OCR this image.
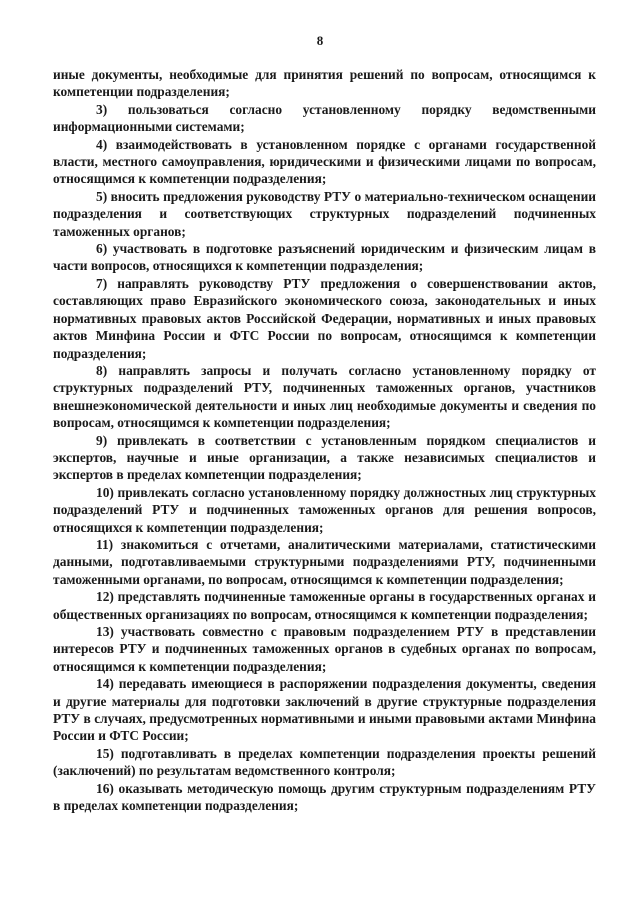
8

иные документы, необходимые для принятия решений по вопросам, относящимся к компетенции подразделения;

3) пользоваться согласно установленному порядку ведомственными информационными системами;

4) взаимодействовать в установленном порядке с органами государственной власти, местного самоуправления, юридическими и физическими лицами по вопросам, относящимся к компетенции подразделения;

5) вносить предложения руководству РТУ о материально-техническом оснащении подразделения и соответствующих структурных подразделений подчиненных таможенных органов;

6) участвовать в подготовке разъяснений юридическим и физическим лицам в части вопросов, относящихся к компетенции подразделения;

7) направлять руководству РТУ предложения о совершенствовании актов, составляющих право Евразийского экономического союза, законодательных и иных нормативных правовых актов Российской Федерации, нормативных и иных правовых актов Минфина России и ФТС России по вопросам, относящимся к компетенции подразделения;

8) направлять запросы и получать согласно установленному порядку от структурных подразделений РТУ, подчиненных таможенных органов, участников внешнеэкономической деятельности и иных лиц необходимые документы и сведения по вопросам, относящимся к компетенции подразделения;

9) привлекать в соответствии с установленным порядком специалистов и экспертов, научные и иные организации, а также независимых специалистов и экспертов в пределах компетенции подразделения;

10) привлекать согласно установленному порядку должностных лиц структурных подразделений РТУ и подчиненных таможенных органов для решения вопросов, относящихся к компетенции подразделения;

11) знакомиться с отчетами, аналитическими материалами, статистическими данными, подготавливаемыми структурными подразделениями РТУ, подчиненными таможенными органами, по вопросам, относящимся к компетенции подразделения;

12) представлять подчиненные таможенные органы в государственных органах и общественных организациях по вопросам, относящимся к компетенции подразделения;

13) участвовать совместно с правовым подразделением РТУ в представлении интересов РТУ и подчиненных таможенных органов в судебных органах по вопросам, относящимся к компетенции подразделения;

14) передавать имеющиеся в распоряжении подразделения документы, сведения и другие материалы для подготовки заключений в другие структурные подразделения РТУ в случаях, предусмотренных нормативными и иными правовыми актами Минфина России и ФТС России;

15) подготавливать в пределах компетенции подразделения проекты решений (заключений) по результатам ведомственного контроля;

16) оказывать методическую помощь другим структурным подразделениям РТУ в пределах компетенции подразделения;
